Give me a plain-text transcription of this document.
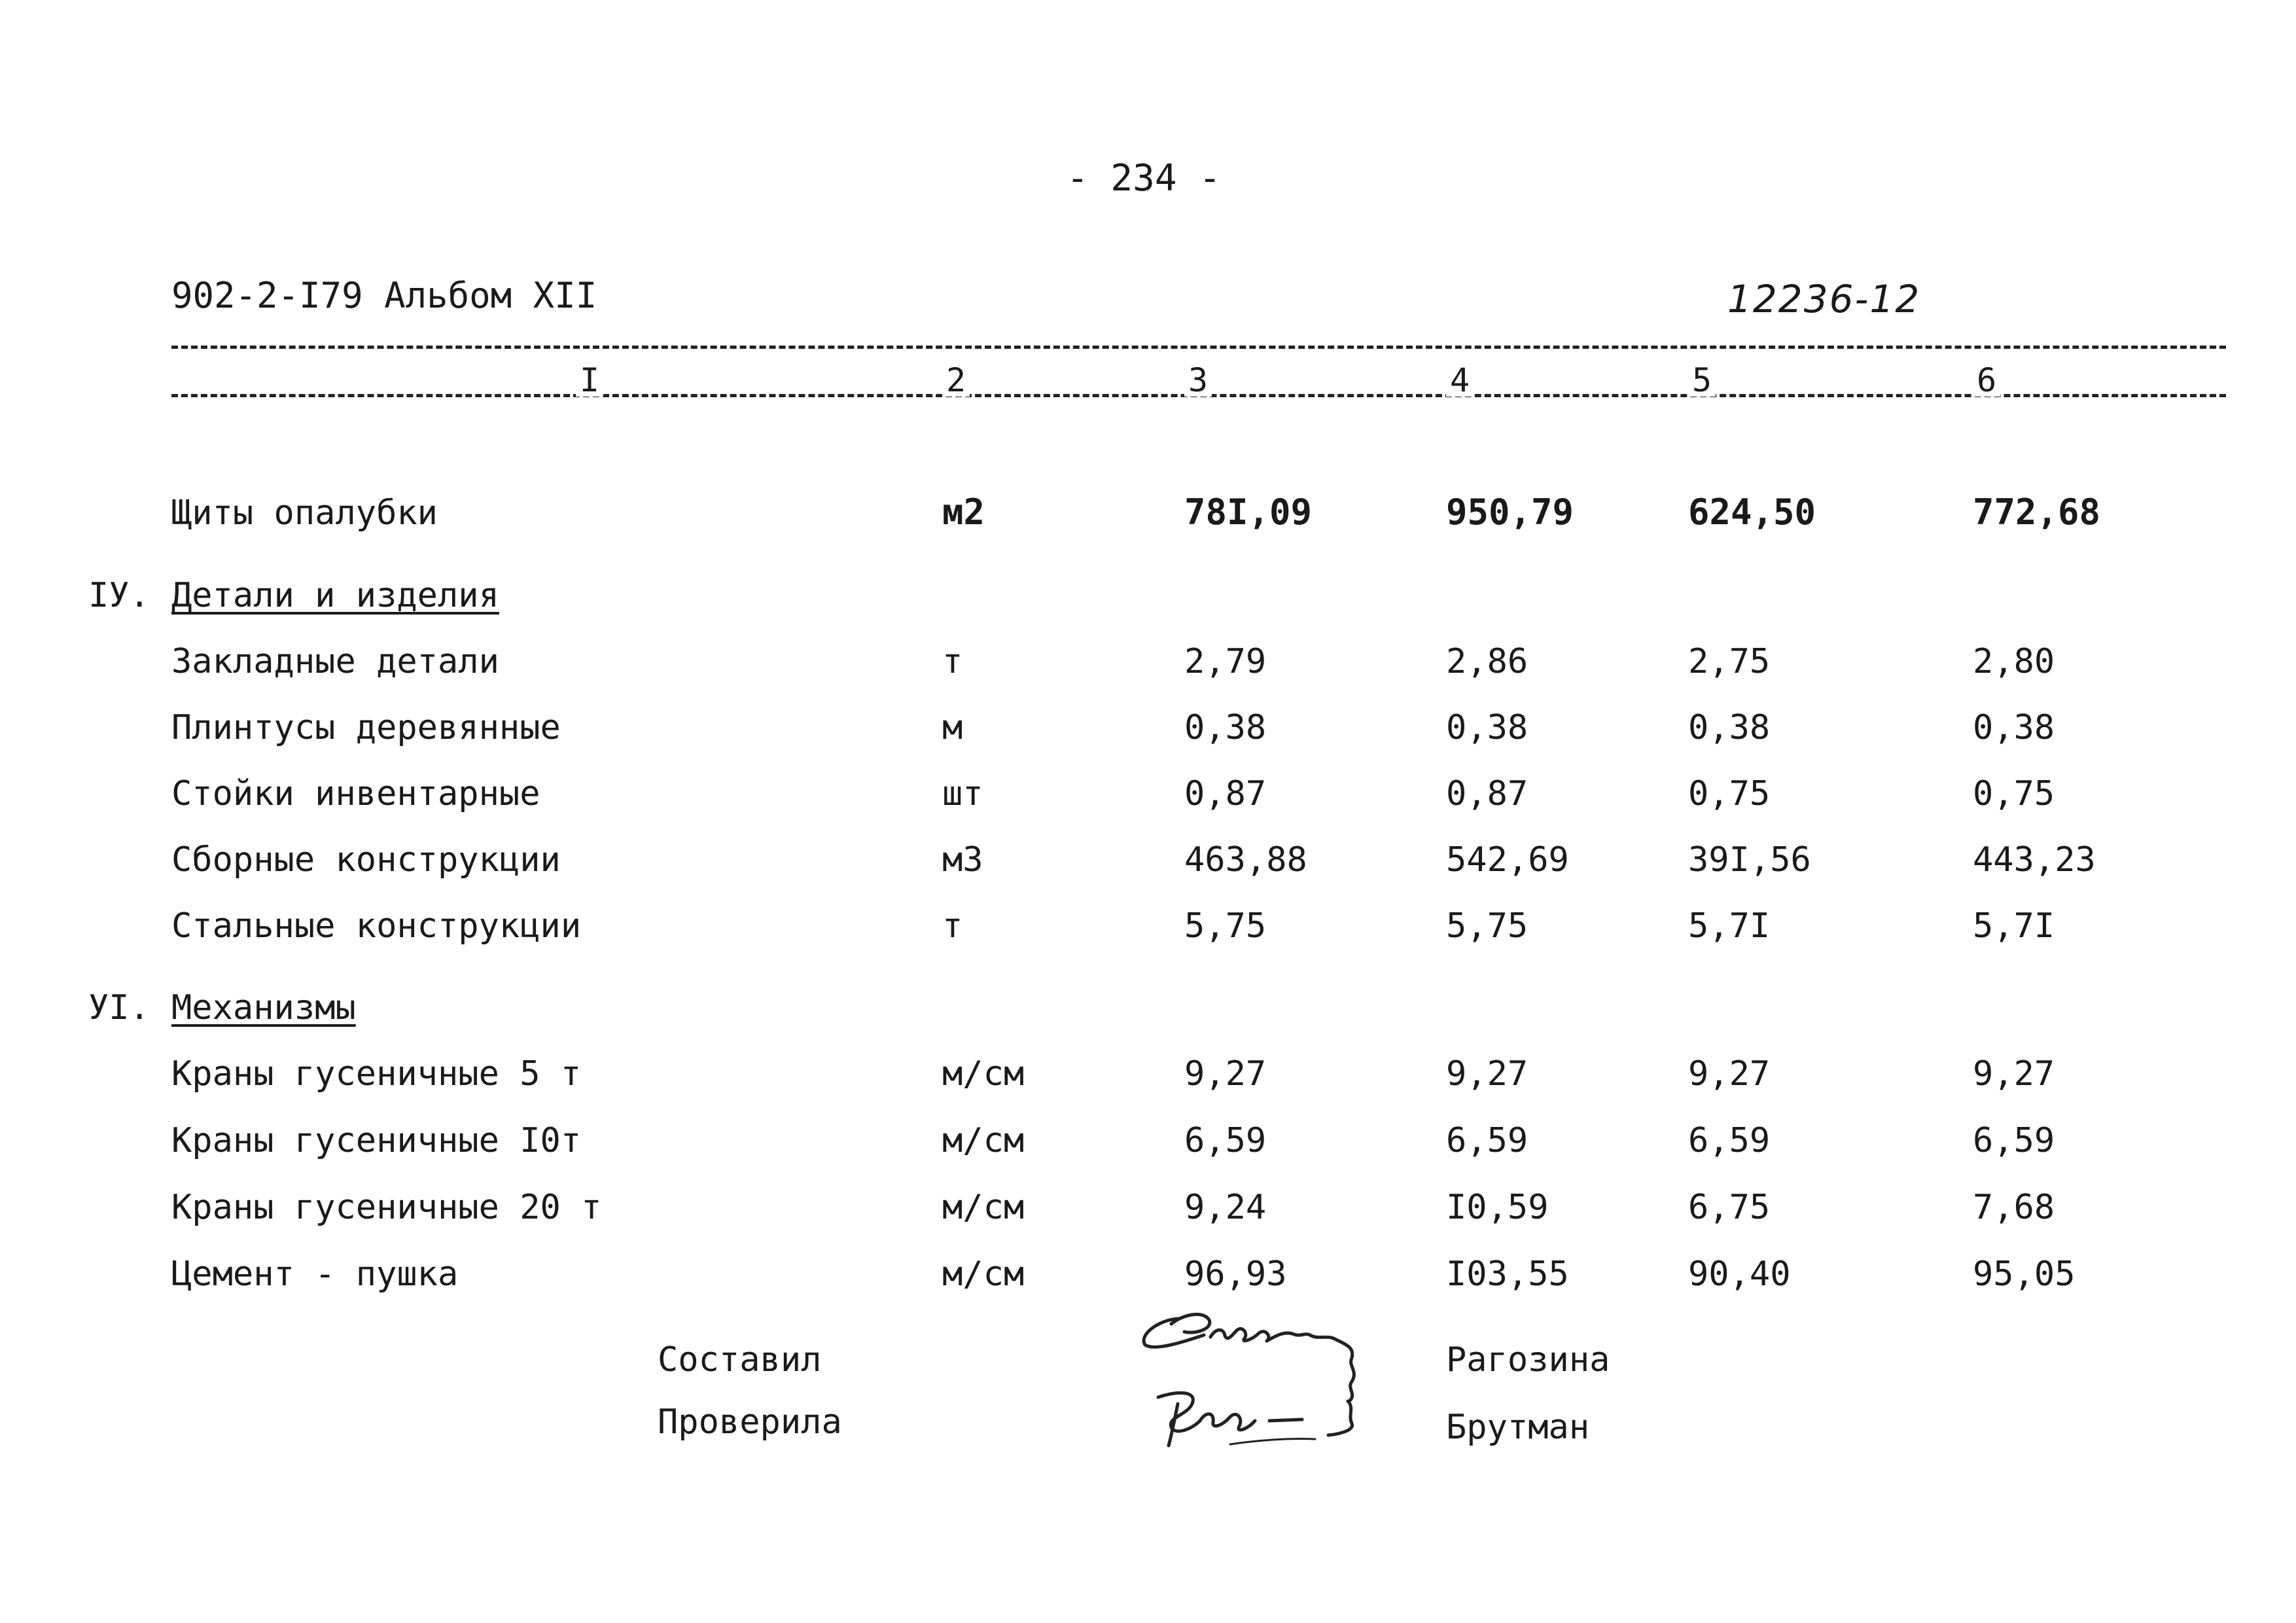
- 234 -
902-2-I79 Альбом XII	12236-12
I	2	3	4	5	6
Щиты опалубки	м2	78I,09	950,79	624,50	772,68
IУ. Детали и изделия
Закладные детали	т	2,79	2,86	2,75	2,80
Плинтусы деревянные	м	0,38	0,38	0,38	0,38
Стойки инвентарные	шт	0,87	0,87	0,75	0,75
Сборные конструкции	м3	463,88	542,69	39I,56	443,23
Стальные конструкции	т	5,75	5,75	5,7I	5,7I
УI. Механизмы
Краны гусеничные 5 т	м/см	9,27	9,27	9,27	9,27
Краны гусеничные I0т	м/см	6,59	6,59	6,59	6,59
Краны гусеничные 20 т	м/см	9,24	I0,59	6,75	7,68
Цемент - пушка	м/см	96,93	I03,55	90,40	95,05
Составил	Рагозина
Проверила	Брутман
